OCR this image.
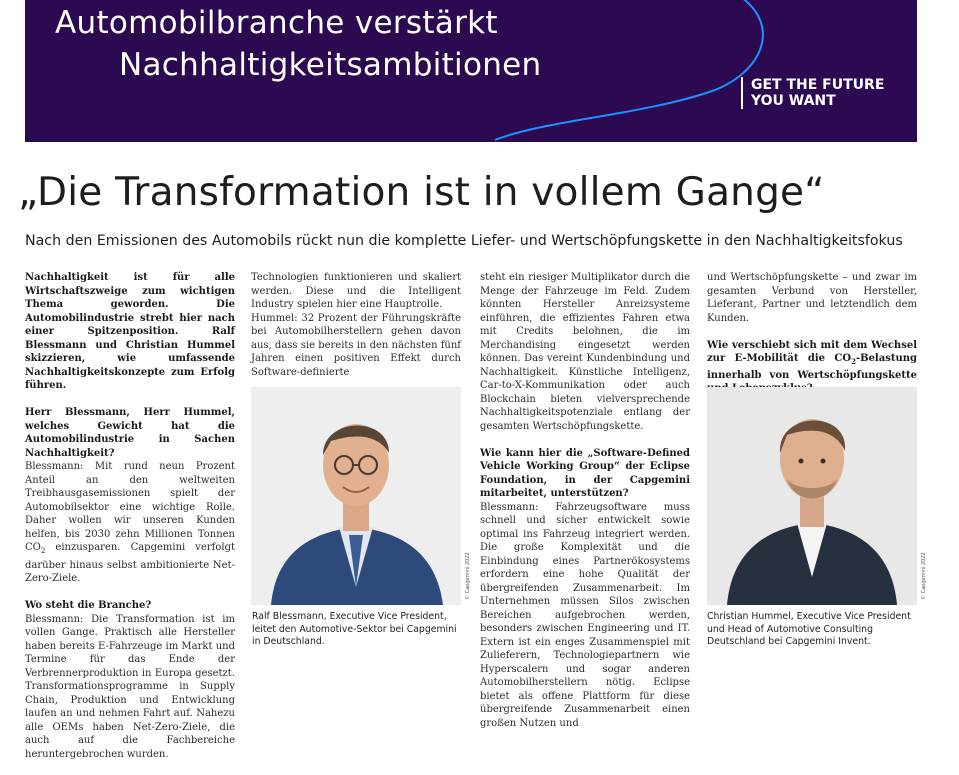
Automobilbranche verstärkt
Nachhaltigkeitsambitionen
GET THE FUTURE
YOU WANT
„Die Transformation ist in vollem Gange“
Nach den Emissionen des Automobils rückt nun die komplette Liefer- und Wertschöpfungskette in den Nachhaltigkeitsfokus

Nachhaltigkeit ist für alle Wirtschaftszweige zum wichtigen Thema geworden. Die Automobilindustrie strebt hier nach einer Spitzenposition. Ralf Blessmann und Christian Hummel skizzieren, wie umfassende Nachhaltigkeitskonzepte zum Erfolg führen.

Herr Blessmann, Herr Hummel, welches Gewicht hat die Automobilindustrie in Sachen Nachhaltigkeit?
Blessmann: Mit rund neun Prozent Anteil an den weltweiten Treibhausgasemissionen spielt der Automobilsektor eine wichtige Rolle. Daher wollen wir unseren Kunden helfen, bis 2030 zehn Millionen Tonnen $CO_2$ einzusparen. Capgemini verfolgt darüber hinaus selbst ambitionierte Net-Zero-Ziele.

Wo steht die Branche?
Blessmann: Die Transformation ist im vollen Gange. Praktisch alle Hersteller haben bereits E-Fahrzeuge im Markt und Termine für das Ende der Verbrennerproduktion in Europa gesetzt. Transformationsprogramme in Supply Chain, Produktion und Entwicklung laufen an und nehmen Fahrt auf. Nahezu alle OEMs haben Net-Zero-Ziele, die auch auf die Fachbereiche heruntergebrochen wurden.

Technologien funktionieren und skaliert werden. Diese und die Intelligent Industry spielen hier eine Hauptrolle.
Hummel: 32 Prozent der Führungskräfte bei Automobilherstellern gehen davon aus, dass sie bereits in den nächsten fünf Jahren einen positiven Effekt durch Software-definierte
© Capgemini 2022
Ralf Blessmann, Executive Vice President, leitet den Automotive-Sektor bei Capgemini in Deutschland.

steht ein riesiger Multiplikator durch die Menge der Fahrzeuge im Feld. Zudem könnten Hersteller Anreizsysteme einführen, die effizientes Fahren etwa mit Credits belohnen, die im Merchandising eingesetzt werden können. Das vereint Kundenbindung und Nachhaltigkeit. Künstliche Intelligenz, Car-to-X-Kommunikation oder auch Blockchain bieten vielversprechende Nachhaltigkeitspotenziale entlang der gesamten Wertschöpfungskette.

Wie kann hier die „Software-Defined Vehicle Working Group“ der Eclipse Foundation, in der Capgemini mitarbeitet, unterstützen?
Blessmann: Fahrzeugsoftware muss schnell und sicher entwickelt sowie optimal ins Fahrzeug integriert werden. Die große Komplexität und die Einbindung eines Partnerökosystems erfordern eine hohe Qualität der übergreifenden Zusammenarbeit. Im Unternehmen müssen Silos zwischen Bereichen aufgebrochen werden, besonders zwischen Engineering und IT. Extern ist ein enges Zusammenspiel mit Zulieferern, Technologiepartnern wie Hyperscalern und sogar anderen Automobilherstellern nötig. Eclipse bietet als offene Plattform für diese übergreifende Zusammenarbeit einen großen Nutzen und

und Wertschöpfungskette – und zwar im gesamten Verbund von Hersteller, Lieferant, Partner und letztendlich dem Kunden.

Wie verschiebt sich mit dem Wechsel zur E-Mobilität die $CO_2$-Belastung innerhalb von Wertschöpfungskette

© Capgemini 2022
Christian Hummel, Executive Vice President und Head of Automotive Consulting Deutschland bei Capgemini Invent.
